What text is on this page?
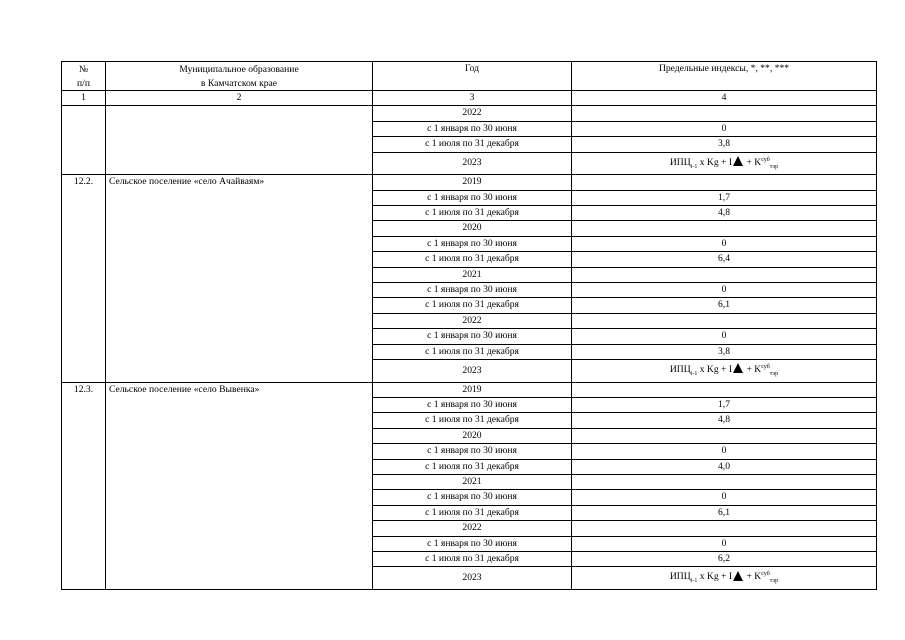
№	Муниципальное образование	Год	Предельные индексы, *, **, ***
п/п	в Камчатском крае		
1	2	3	4
		2022	
		с 1 января по 30 июня	0
		с 1 июля по 31 декабря	3,8
		2023	$ИПЦ_{i-1}$ x $Kg + I + K^{суб}_{тэр}$
12.2.	Сельское поселение «село Ачайваям»	2019	
		с 1 января по 30 июня	1,7
		с 1 июля по 31 декабря	4,8
		2020	
		с 1 января по 30 июня	0
		с 1 июля по 31 декабря	6,4
		2021	
		с 1 января по 30 июня	0
		с 1 июля по 31 декабря	6,1
		2022	
		с 1 января по 30 июня	0
		с 1 июля по 31 декабря	3,8
		2023	$ИПЦ_{i-1}$ x $Kg + I + K^{суб}_{тэр}$
12.3.	Сельское поселение «село Вывенка»	2019	
		с 1 января по 30 июня	1,7
		с 1 июля по 31 декабря	4,8
		2020	
		с 1 января по 30 июня	0
		с 1 июля по 31 декабря	4,0
		2021	
		с 1 января по 30 июня	0
		с 1 июля по 31 декабря	6,1
		2022	
		с 1 января по 30 июня	0
		с 1 июля по 31 декабря	6,2
		2023	$ИПЦ_{i-1}$ x $Kg + I + K^{суб}_{тэр}$
